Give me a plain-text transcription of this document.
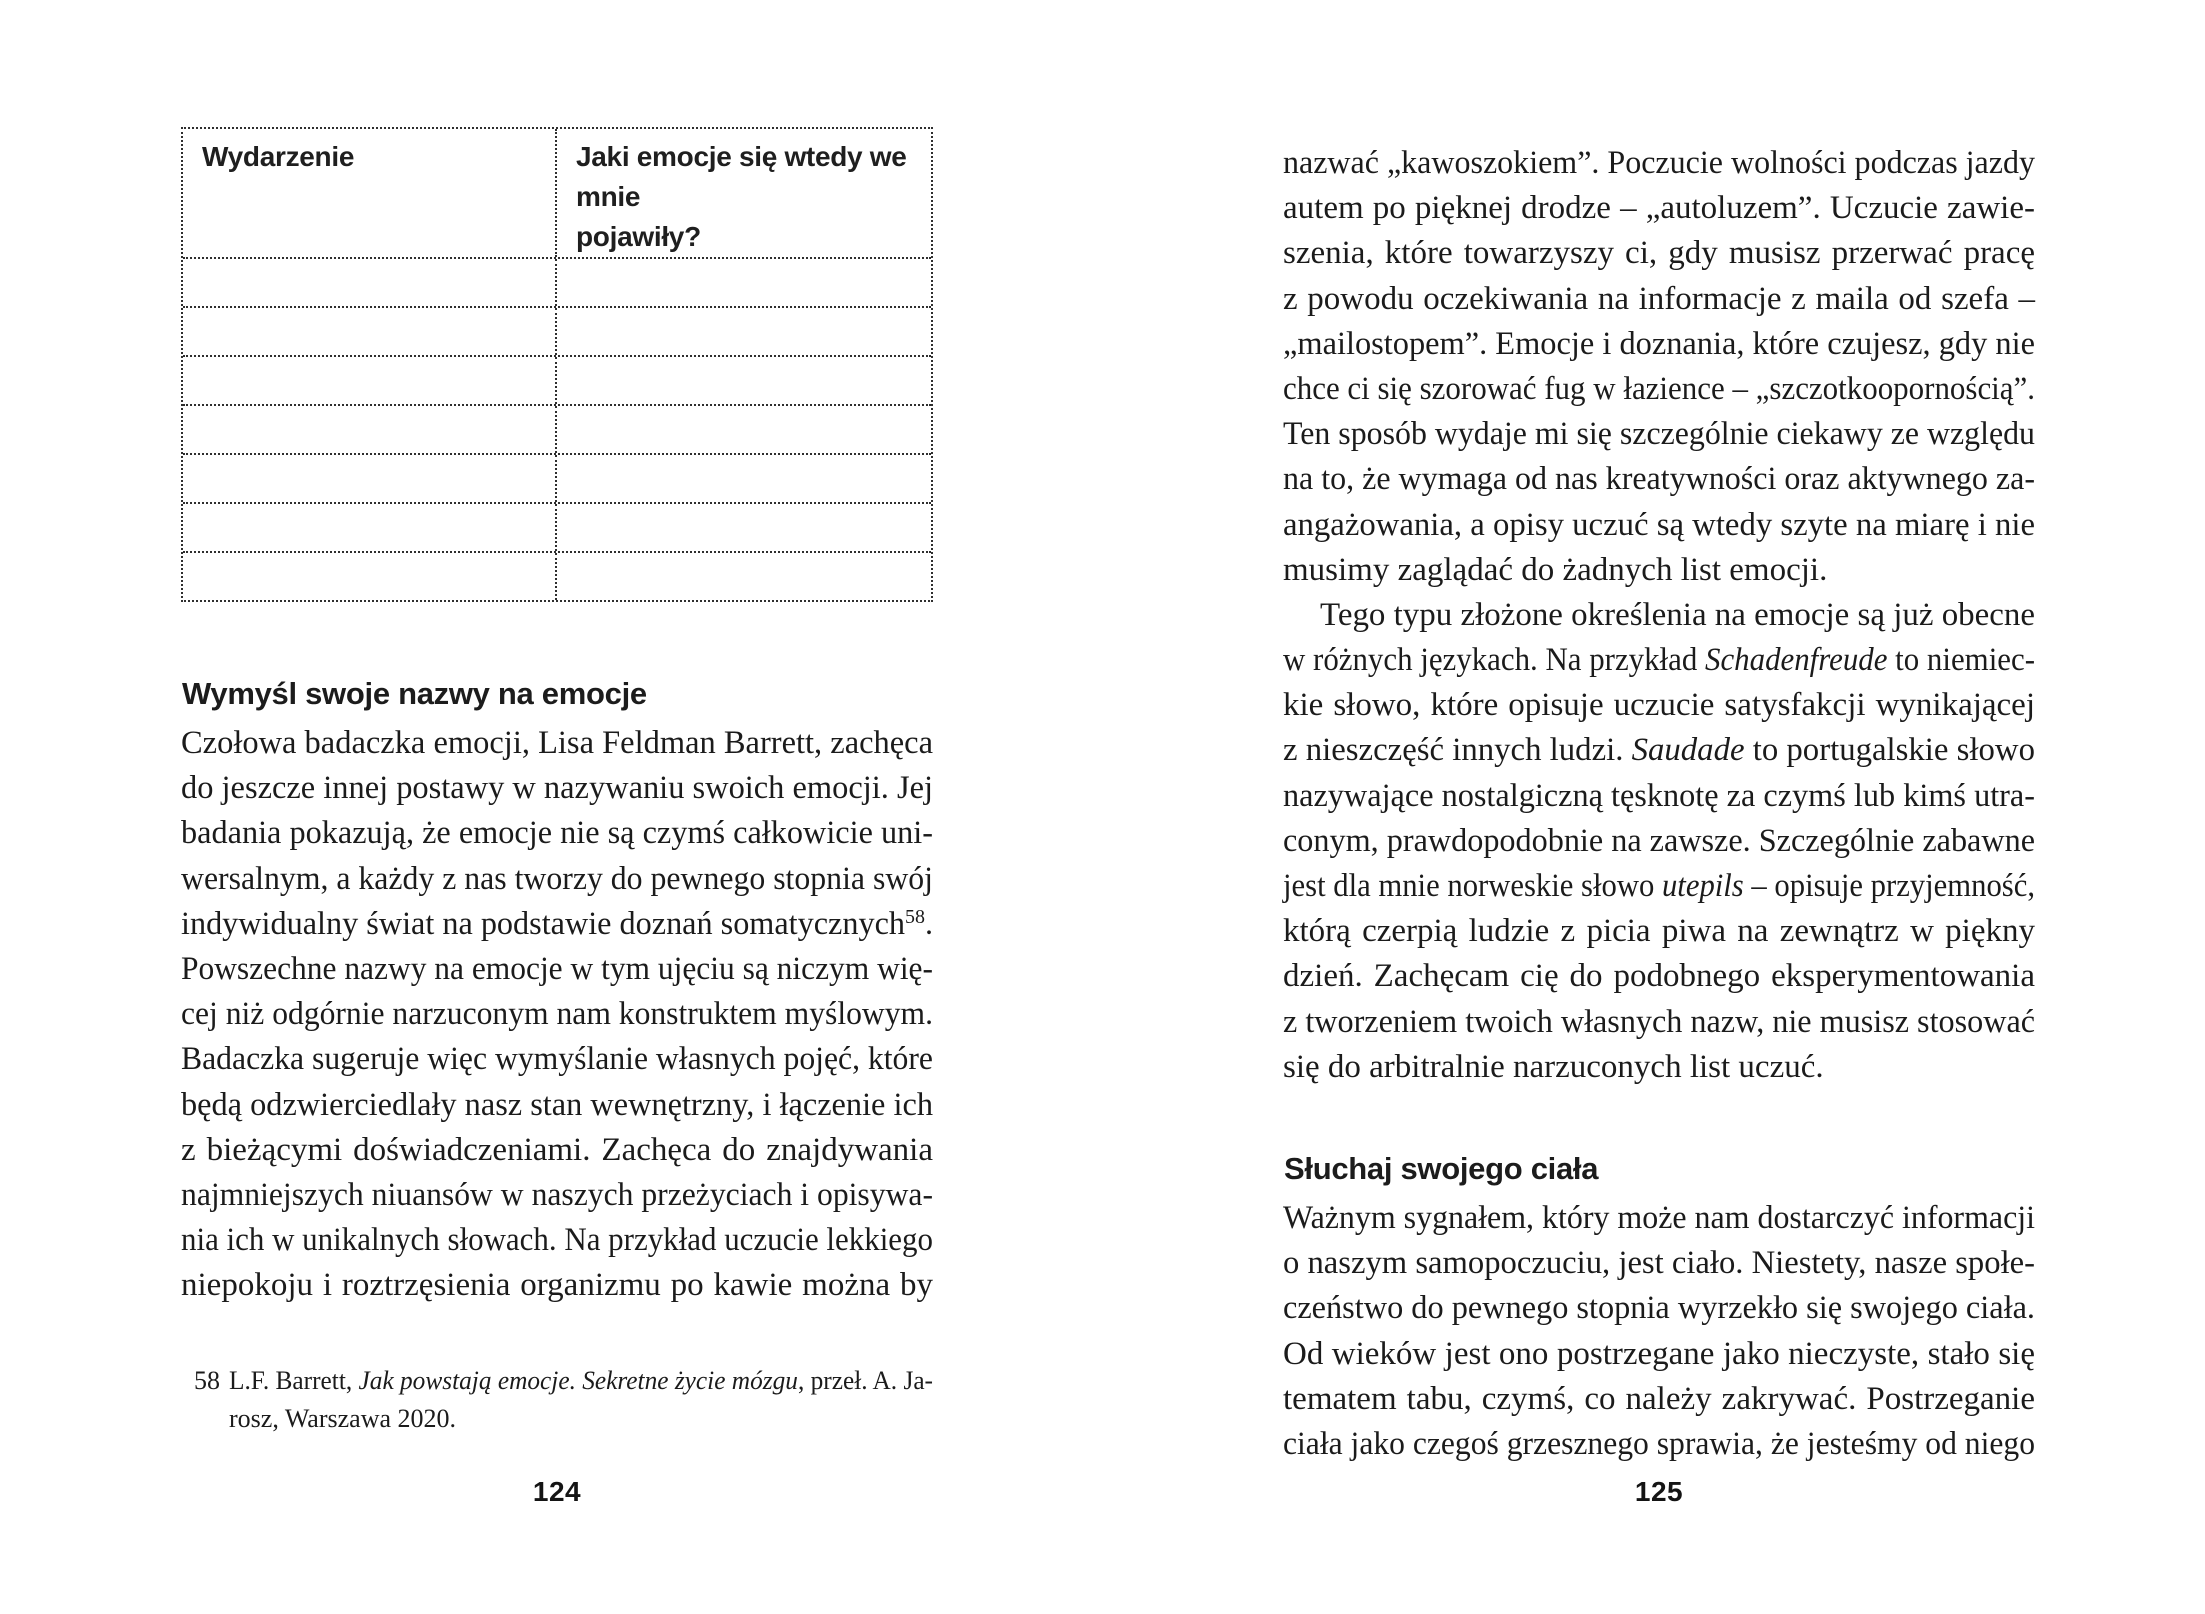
Wydarzenie	Jaki emocje się wtedy we mnie
pojawiły?
Wymyśl swoje nazwy na emocje
Czołowa badaczka emocji, Lisa Feldman Barrett, zachęca
do jeszcze innej postawy w nazywaniu swoich emocji. Jej
badania pokazują, że emocje nie są czymś całkowicie uni-
wersalnym, a każdy z nas tworzy do pewnego stopnia swój
indywidualny świat na podstawie doznań somatycznych$^{58}$.
Powszechne nazwy na emocje w tym ujęciu są niczym wię-
cej niż odgórnie narzuconym nam konstruktem myślowym.
Badaczka sugeruje więc wymyślanie własnych pojęć, które
będą odzwierciedlały nasz stan wewnętrzny, i łączenie ich
z bieżącymi doświadczeniami. Zachęca do znajdywania
najmniejszych niuansów w naszych przeżyciach i opisywa-
nia ich w unikalnych słowach. Na przykład uczucie lekkiego
niepokoju i roztrzęsienia organizmu po kawie można by
58 L.F. Barrett, Jak powstają emocje. Sekretne życie mózgu, przeł. A. Ja-
rosz, Warszawa 2020.
124
nazwać „kawoszokiem”. Poczucie wolności podczas jazdy
autem po pięknej drodze – „autoluzem”. Uczucie zawie-
szenia, które towarzyszy ci, gdy musisz przerwać pracę
z powodu oczekiwania na informacje z maila od szefa –
„mailostopem”. Emocje i doznania, które czujesz, gdy nie
chce ci się szorować fug w łazience – „szczotkoopornością”.
Ten sposób wydaje mi się szczególnie ciekawy ze względu
na to, że wymaga od nas kreatywności oraz aktywnego za-
angażowania, a opisy uczuć są wtedy szyte na miarę i nie
musimy zaglądać do żadnych list emocji.
Tego typu złożone określenia na emocje są już obecne
w różnych językach. Na przykład Schadenfreude to niemiec-
kie słowo, które opisuje uczucie satysfakcji wynikającej
z nieszczęść innych ludzi. Saudade to portugalskie słowo
nazywające nostalgiczną tęsknotę za czymś lub kimś utra-
conym, prawdopodobnie na zawsze. Szczególnie zabawne
jest dla mnie norweskie słowo utepils – opisuje przyjemność,
którą czerpią ludzie z picia piwa na zewnątrz w piękny
dzień. Zachęcam cię do podobnego eksperymentowania
z tworzeniem twoich własnych nazw, nie musisz stosować
się do arbitralnie narzuconych list uczuć.
Słuchaj swojego ciała
Ważnym sygnałem, który może nam dostarczyć informacji
o naszym samopoczuciu, jest ciało. Niestety, nasze społe-
czeństwo do pewnego stopnia wyrzekło się swojego ciała.
Od wieków jest ono postrzegane jako nieczyste, stało się
tematem tabu, czymś, co należy zakrywać. Postrzeganie
ciała jako czegoś grzesznego sprawia, że jesteśmy od niego
125
